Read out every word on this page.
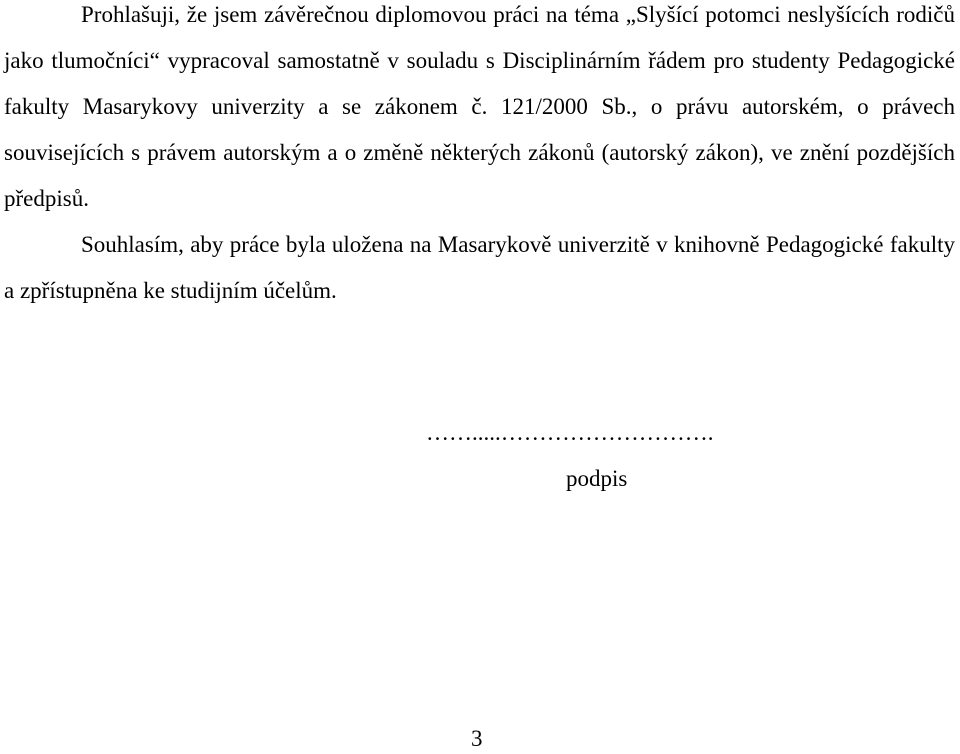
Prohlašuji, že jsem závěrečnou diplomovou práci na téma „Slyšící potomci neslyšících rodičů jako tlumočníci“ vypracoval samostatně v souladu s Disciplinárním řádem pro studenty Pedagogické fakulty Masarykovy univerzity a se zákonem č. 121/2000 Sb., o právu autorském, o právech souvisejících s právem autorským a o změně některých zákonů (autorský zákon), ve znění pozdějších předpisů.

Souhlasím, aby práce byla uložena na Masarykově univerzitě v knihovně Pedagogické fakulty a zpřístupněna ke studijním účelům.

…….....……………………….

podpis

3
